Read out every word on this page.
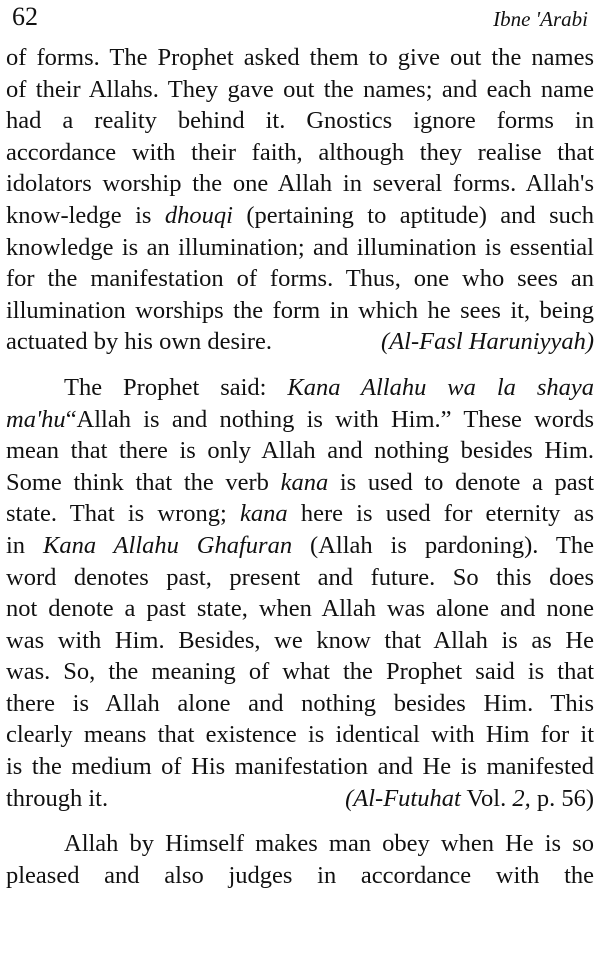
62	Ibne 'Arabi
of forms. The Prophet asked them to give out the names
of their Allahs. They gave out the names; and each name
had a reality behind it. Gnostics ignore forms in
accordance with their faith, although they realise that
idolators worship the one Allah in several forms. Allah's
know-ledge is dhouqi (pertaining to aptitude) and such
knowledge is an illumination; and illumination is essential
for the manifestation of forms. Thus, one who sees an
illumination worships the form in which he sees it, being
actuated by his own desire.	(Al-Fasl Haruniyyah)
The Prophet said: Kana Allahu wa la shaya
ma'hu“Allah is and nothing is with Him.” These words
mean that there is only Allah and nothing besides Him.
Some think that the verb kana is used to denote a past
state. That is wrong; kana here is used for eternity as
in Kana Allahu Ghafuran (Allah is pardoning). The
word denotes past, present and future. So this does
not denote a past state, when Allah was alone and none
was with Him. Besides, we know that Allah is as He
was. So, the meaning of what the Prophet said is that
there is Allah alone and nothing besides Him. This
clearly means that existence is identical with Him for it
is the medium of His manifestation and He is manifested
through it.	(Al-Futuhat Vol. 2, p. 56)
Allah by Himself makes man obey when He is so
pleased and also judges in accordance with the
